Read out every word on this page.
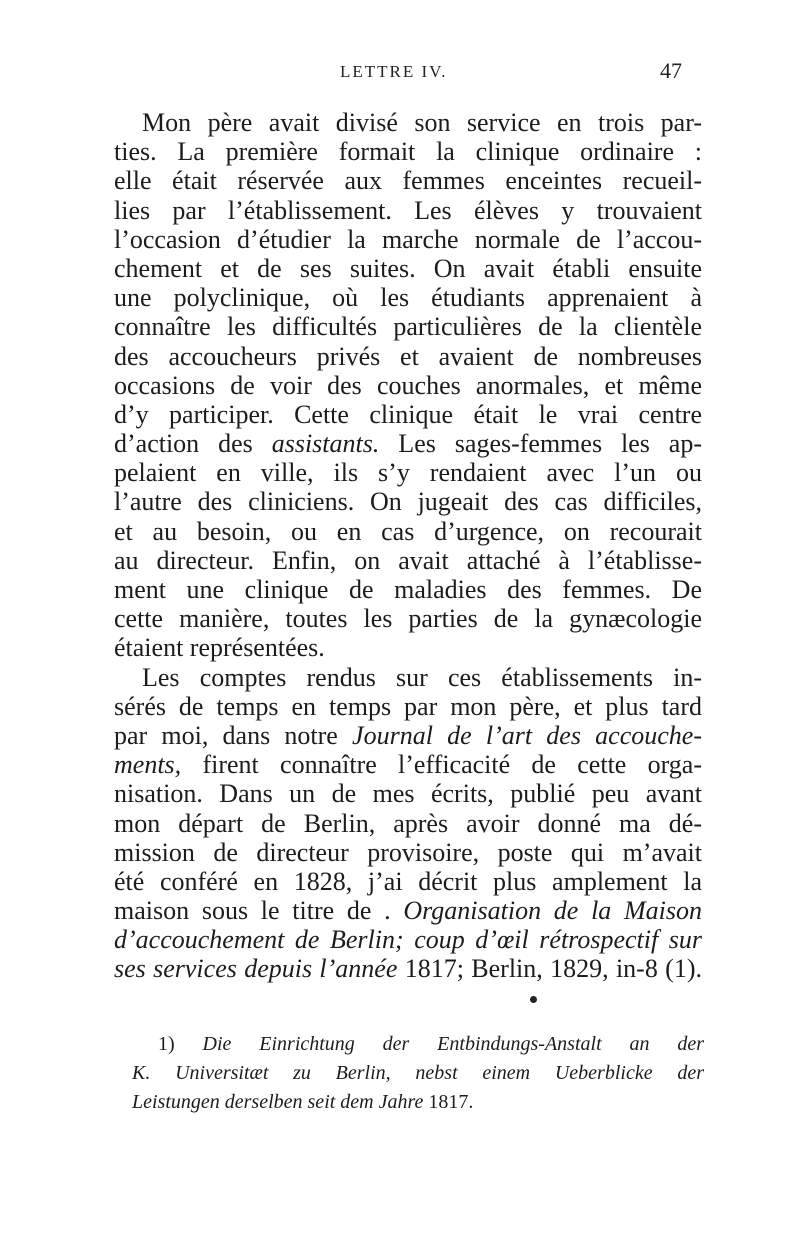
LETTRE IV.	47
Mon père avait divisé son service en trois par-
ties. La première formait la clinique ordinaire :
elle était réservée aux femmes enceintes recueil-
lies par l’établissement. Les élèves y trouvaient
l’occasion d’étudier la marche normale de l’accou-
chement et de ses suites. On avait établi ensuite
une polyclinique, où les étudiants apprenaient à
connaître les difficultés particulières de la clientèle
des accoucheurs privés et avaient de nombreuses
occasions de voir des couches anormales, et même
d’y participer. Cette clinique était le vrai centre
d’action des assistants. Les sages-femmes les ap-
pelaient en ville, ils s’y rendaient avec l’un ou
l’autre des cliniciens. On jugeait des cas difficiles,
et au besoin, ou en cas d’urgence, on recourait
au directeur. Enfin, on avait attaché à l’établisse-
ment une clinique de maladies des femmes. De
cette manière, toutes les parties de la gynæcologie
étaient représentées.
Les comptes rendus sur ces établissements in-
sérés de temps en temps par mon père, et plus tard
par moi, dans notre Journal de l’art des accouche-
ments, firent connaître l’efficacité de cette orga-
nisation. Dans un de mes écrits, publié peu avant
mon départ de Berlin, après avoir donné ma dé-
mission de directeur provisoire, poste qui m’avait
été conféré en 1828, j’ai décrit plus amplement la
maison sous le titre de . Organisation de la Maison
d’accouchement de Berlin; coup d’œil rétrospectif sur
ses services depuis l’année 1817; Berlin, 1829, in-8 (1).
1) Die Einrichtung der Entbindungs-Anstalt an der
K. Universitæt zu Berlin, nebst einem Ueberblicke der
Leistungen derselben seit dem Jahre 1817.
